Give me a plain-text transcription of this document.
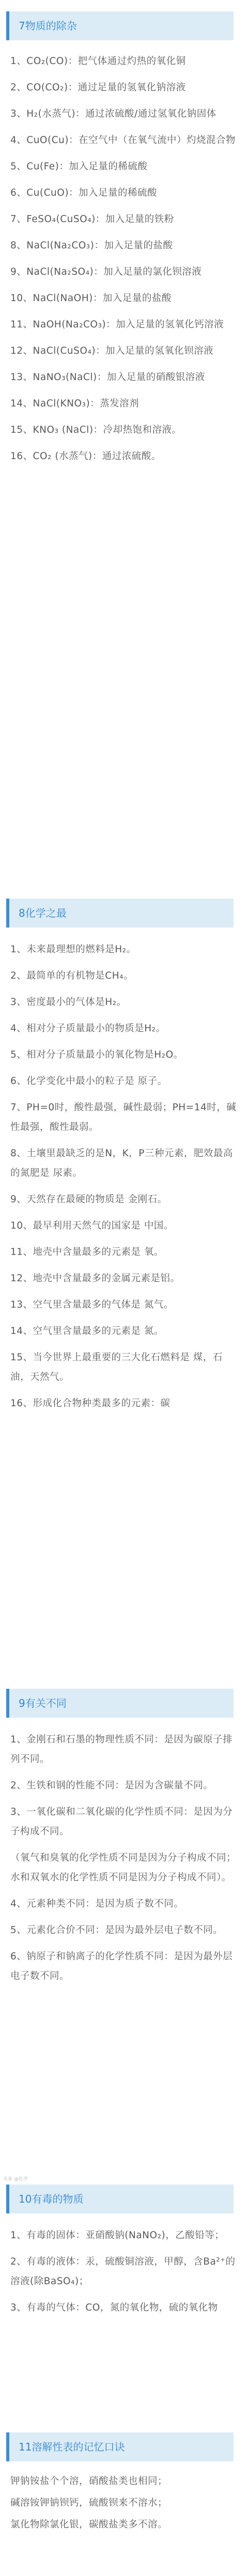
7物质的除杂

1、CO₂(CO)：把气体通过灼热的氧化铜

2、CO(CO₂)：通过足量的氢氧化钠溶液

3、H₂(水蒸气)：通过浓硫酸/通过氢氧化钠固体

4、CuO(Cu)：在空气中（在氧气流中）灼烧混合物

5、Cu(Fe)：加入足量的稀硫酸

6、Cu(CuO)：加入足量的稀硫酸

7、FeSO₄(CuSO₄)：加入足量的铁粉

8、NaCl(Na₂CO₃)：加入足量的盐酸

9、NaCl(Na₂SO₄)：加入足量的氯化钡溶液

10、NaCl(NaOH)：加入足量的盐酸

11、NaOH(Na₂CO₃)：加入足量的氢氧化钙溶液

12、NaCl(CuSO₄)：加入足量的氢氧化钡溶液

13、NaNO₃(NaCl)：加入足量的硝酸银溶液

14、NaCl(KNO₃)：蒸发溶剂

15、KNO₃ (NaCl)：冷却热饱和溶液。

16、CO₂ (水蒸气)：通过浓硫酸。

8化学之最

1、未来最理想的燃料是H₂。

2、最简单的有机物是CH₄。

3、密度最小的气体是H₂。

4、相对分子质量最小的物质是H₂。

5、相对分子质量最小的氧化物是H₂O。

6、化学变化中最小的粒子是 原子。

7、PH=0时，酸性最强，碱性最弱；PH=14时，碱性最强，酸性最弱。

8、土壤里最缺乏的是N，K，P三种元素，肥效最高的氮肥是 尿素。

9、天然存在最硬的物质是 金刚石。

10、最早利用天然气的国家是 中国。

11、地壳中含量最多的元素是 氧。

12、地壳中含量最多的金属元素是铝。

13、空气里含量最多的气体是 氮气。

14、空气里含量最多的元素是 氮。

15、当今世界上最重要的三大化石燃料是 煤，石油，天然气。

16、形成化合物种类最多的元素：碳

9有关不同

1、金刚石和石墨的物理性质不同：是因为碳原子排列不同。

2、生铁和钢的性能不同：是因为含碳量不同。

3、一氧化碳和二氧化碳的化学性质不同：是因为分子构成不同。

（氧气和臭氧的化学性质不同是因为分子构成不同；水和双氧水的化学性质不同是因为分子构成不同）。

4、元素种类不同：是因为质子数不同。

5、元素化合价不同：是因为最外层电子数不同。

6、钠原子和钠离子的化学性质不同：是因为最外层电子数不同。

10有毒的物质

1、有毒的固体：亚硝酸钠(NaNO₂)，乙酸铅等；

2、有毒的液体：汞，硫酸铜溶液，甲醇，含Ba²⁺的溶液(除BaSO₄)；

3、有毒的气体：CO，氮的氧化物，硫的氧化物

11溶解性表的记忆口诀

钾钠铵盐个个溶，硝酸盐类也相同；

碱溶铵钾钠钡钙，硫酸钡来不溶水；

氯化物除氯化银，碳酸盐类多不溶。

头条 @化学
